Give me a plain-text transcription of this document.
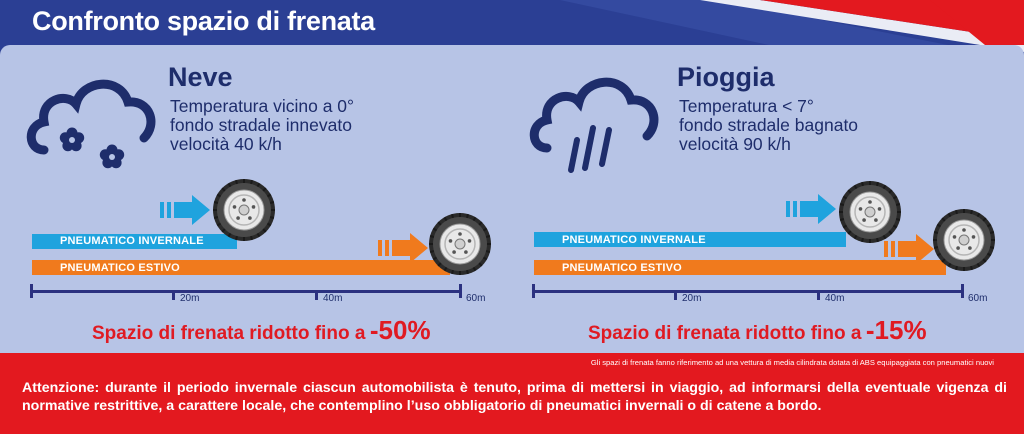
Confronto spazio di frenata
Neve
Temperatura vicino a 0°
fondo stradale innevato
velocità 40 k/h
PNEUMATICO INVERNALE
PNEUMATICO ESTIVO
20m	40m	60m
Spazio di frenata ridotto fino a -50%
Pioggia
Temperatura < 7°
fondo stradale bagnato
velocità 90 k/h
PNEUMATICO INVERNALE
PNEUMATICO ESTIVO
20m	40m	60m
Spazio di frenata ridotto fino a -15%
Gli spazi di frenata fanno riferimento ad una vettura di media cilindrata dotata di ABS equipaggiata con pneumatici nuovi
Attenzione: durante il periodo invernale ciascun automobilista è tenuto, prima di mettersi in viaggio, ad informarsi della eventuale vigenza di normative restrittive, a carattere locale, che contemplino l’uso obbligatorio di pneumatici invernali o di catene a bordo.
